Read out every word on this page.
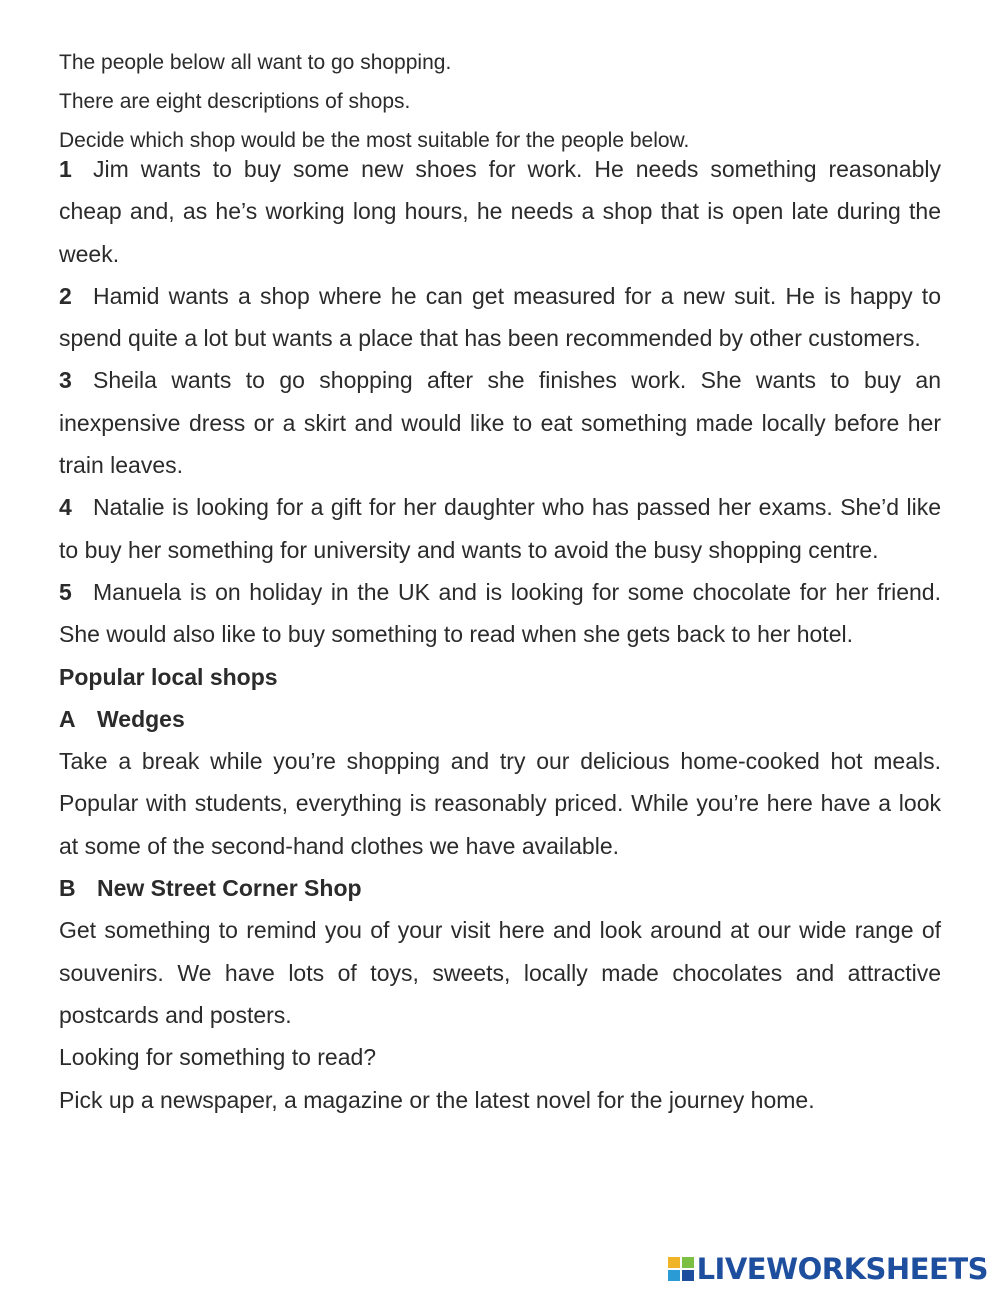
The people below all want to go shopping.
There are eight descriptions of shops.
Decide which shop would be the most suitable for the people below.

1 Jim wants to buy some new shoes for work. He needs something reasonably cheap and, as he’s working long hours, he needs a shop that is open late during the week.

2 Hamid wants a shop where he can get measured for a new suit. He is happy to spend quite a lot but wants a place that has been recommended by other customers.

3 Sheila wants to go shopping after she finishes work. She wants to buy an inexpensive dress or a skirt and would like to eat something made locally before her train leaves.

4 Natalie is looking for a gift for her daughter who has passed her exams. She’d like to buy her something for university and wants to avoid the busy shopping centre.

5 Manuela is on holiday in the UK and is looking for some chocolate for her friend. She would also like to buy something to read when she gets back to her hotel.

Popular local shops

A Wedges

Take a break while you’re shopping and try our delicious home-cooked hot meals. Popular with students, everything is reasonably priced. While you’re here have a look at some of the second-hand clothes we have available.

B New Street Corner Shop

Get something to remind you of your visit here and look around at our wide range of souvenirs. We have lots of toys, sweets, locally made chocolates and attractive postcards and posters.

Looking for something to read?

Pick up a newspaper, a magazine or the latest novel for the journey home.

LIVEWORKSHEETS
